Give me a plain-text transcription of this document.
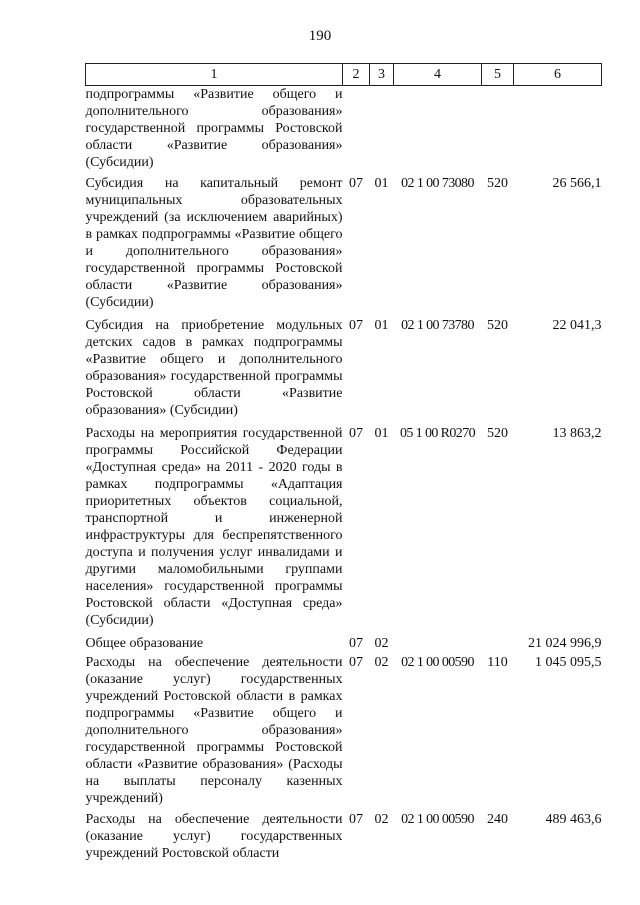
190
1	2	3	4	5	6
подпрограммы «Развитие общего и дополнительного образования» государственной программы Ростовской области «Развитие образования» (Субсидии)					
Субсидия на капитальный ремонт муниципальных образовательных учреждений (за исключением аварийных) в рамках подпрограммы «Развитие общего и дополнительного образования» государственной программы Ростовской области «Развитие образования» (Субсидии)	07	01	02 1 00 73080	520	26 566,1
Субсидия на приобретение модульных детских садов в рамках подпрограммы «Развитие общего и дополнительного образования» государственной программы Ростовской области «Развитие образования» (Субсидии)	07	01	02 1 00 73780	520	22 041,3
Расходы на мероприятия государственной программы Российской Федерации «Доступная среда» на 2011 - 2020 годы в рамках подпрограммы «Адаптация приоритетных объектов социальной, транспортной и инженерной инфраструктуры для беспрепятственного доступа и получения услуг инвалидами и другими маломобильными группами населения» государственной программы Ростовской области «Доступная среда» (Субсидии)	07	01	05 1 00 R0270	520	13 863,2
Общее образование	07	02			21 024 996,9
Расходы на обеспечение деятельности (оказание услуг) государственных учреждений Ростовской области в рамках подпрограммы «Развитие общего и дополнительного образования» государственной программы Ростовской области «Развитие образования» (Расходы на выплаты персоналу казенных учреждений)	07	02	02 1 00 00590	110	1 045 095,5
Расходы на обеспечение деятельности (оказание услуг) государственных учреждений Ростовской области	07	02	02 1 00 00590	240	489 463,6
